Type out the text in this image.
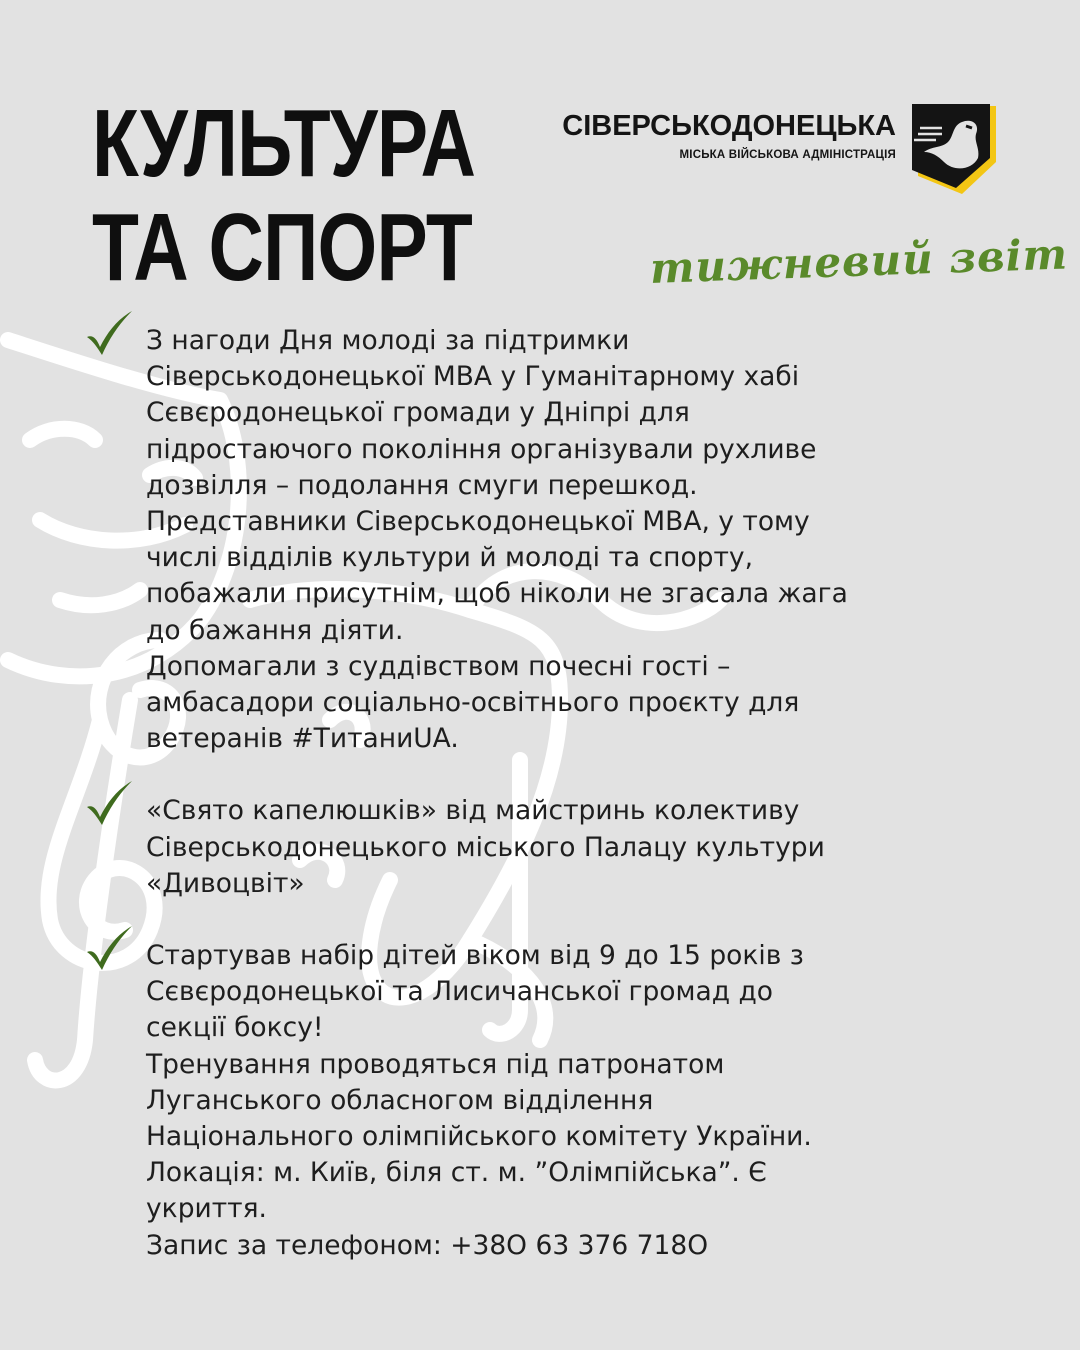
КУЛЬТУРА
ТА СПОРТ
СІВЕРСЬКОДОНЕЦЬКА
МІСЬКА ВІЙСЬКОВА АДМІНІСТРАЦІЯ
тижневий звіт
З нагоди Дня молоді за підтримки
Сіверськодонецької МВА у Гуманітарному хабі
Сєвєродонецької громади у Дніпрі для
підростаючого покоління організували рухливе
дозвілля – подолання смуги перешкод.
Представники Сіверськодонецької МВА, у тому
числі відділів культури й молоді та спорту,
побажали присутнім, щоб ніколи не згасала жага
до бажання діяти.
Допомагали з суддівством почесні гості –
амбасадори соціально-освітнього проєкту для
ветеранів #ТитаниUA.
«Свято капелюшків» від майстринь колективу
Сіверськодонецького міського Палацу культури
«Дивоцвіт»
Стартував набір дітей віком від 9 до 15 років з
Сєвєродонецької та Лисичанської громад до
секції боксу!
Тренування проводяться під патронатом
Луганського обласногом відділення
Національного олімпійського комітету України.
Локація: м. Київ, біля ст. м. ”Олімпійська”. Є
укриття.
Запис за телефоном: +38О 63 376 718О
